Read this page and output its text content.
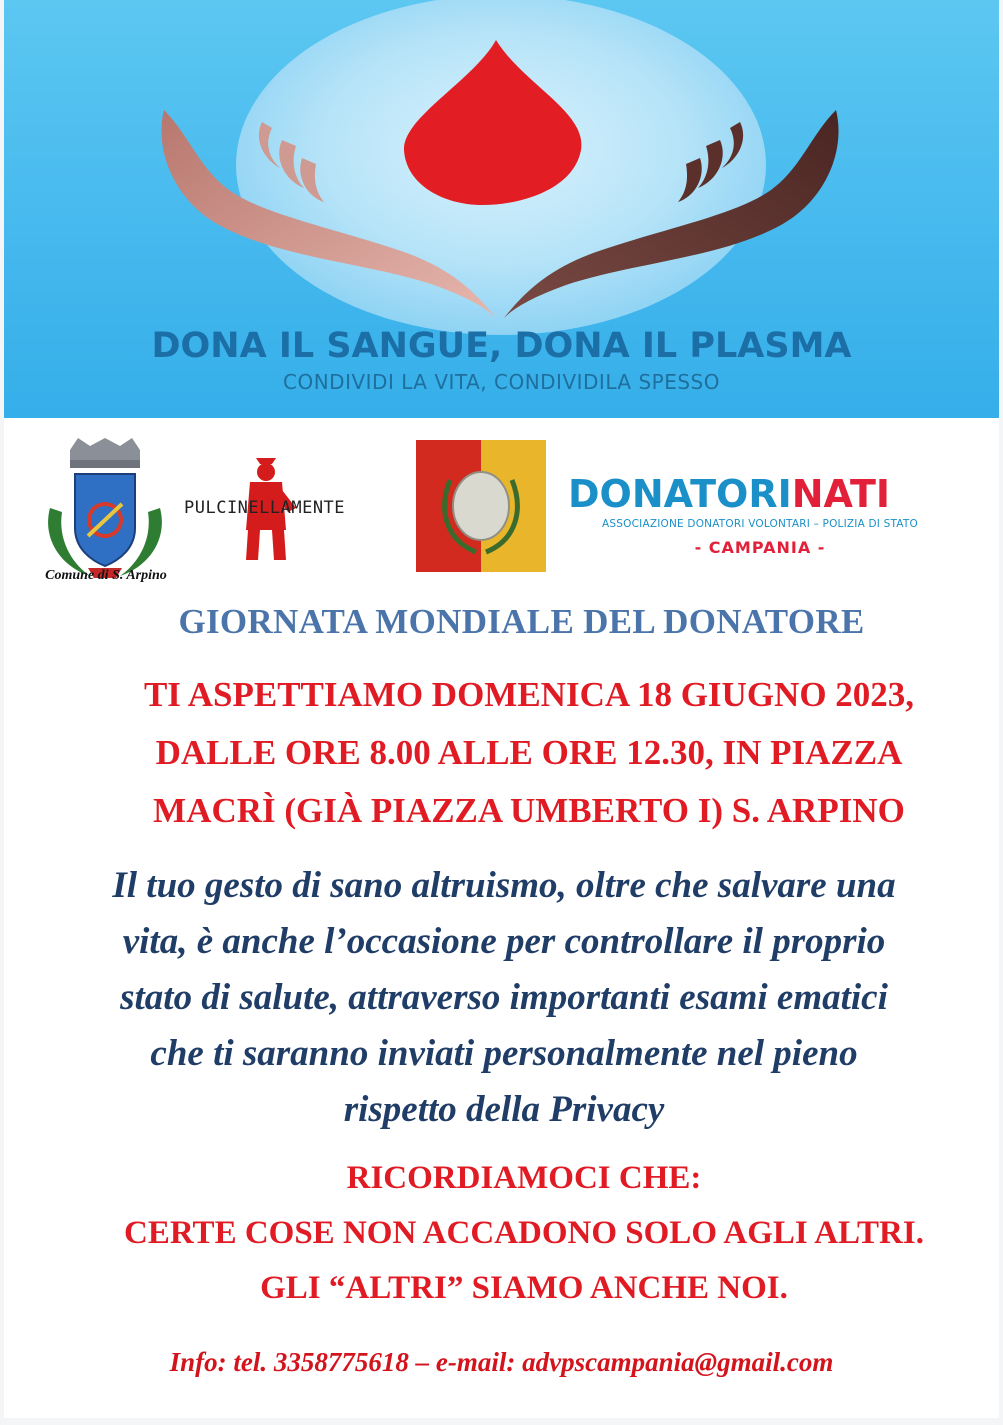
DONA IL SANGUE, DONA IL PLASMA
CONDIVIDI LA VITA, CONDIVIDILA SPESSO
Comune di S. Arpino
PULCINELLAMENTE	DONATORINATI
ASSOCIAZIONE DONATORI VOLONTARI – POLIZIA DI STATO
- CAMPANIA -
GIORNATA MONDIALE DEL DONATORE
TI ASPETTIAMO DOMENICA 18 GIUGNO 2023,
DALLE ORE 8.00 ALLE ORE 12.30, IN PIAZZA
MACRÌ (GIÀ PIAZZA UMBERTO I) S. ARPINO
Il tuo gesto di sano altruismo, oltre che salvare una
vita, è anche l’occasione per controllare il proprio
stato di salute, attraverso importanti esami ematici
che ti saranno inviati personalmente nel pieno
rispetto della Privacy
RICORDIAMOCI CHE:
CERTE COSE NON ACCADONO SOLO AGLI ALTRI.
GLI “ALTRI” SIAMO ANCHE NOI.
Info: tel. 3358775618 – e-mail: advpscampania@gmail.com
